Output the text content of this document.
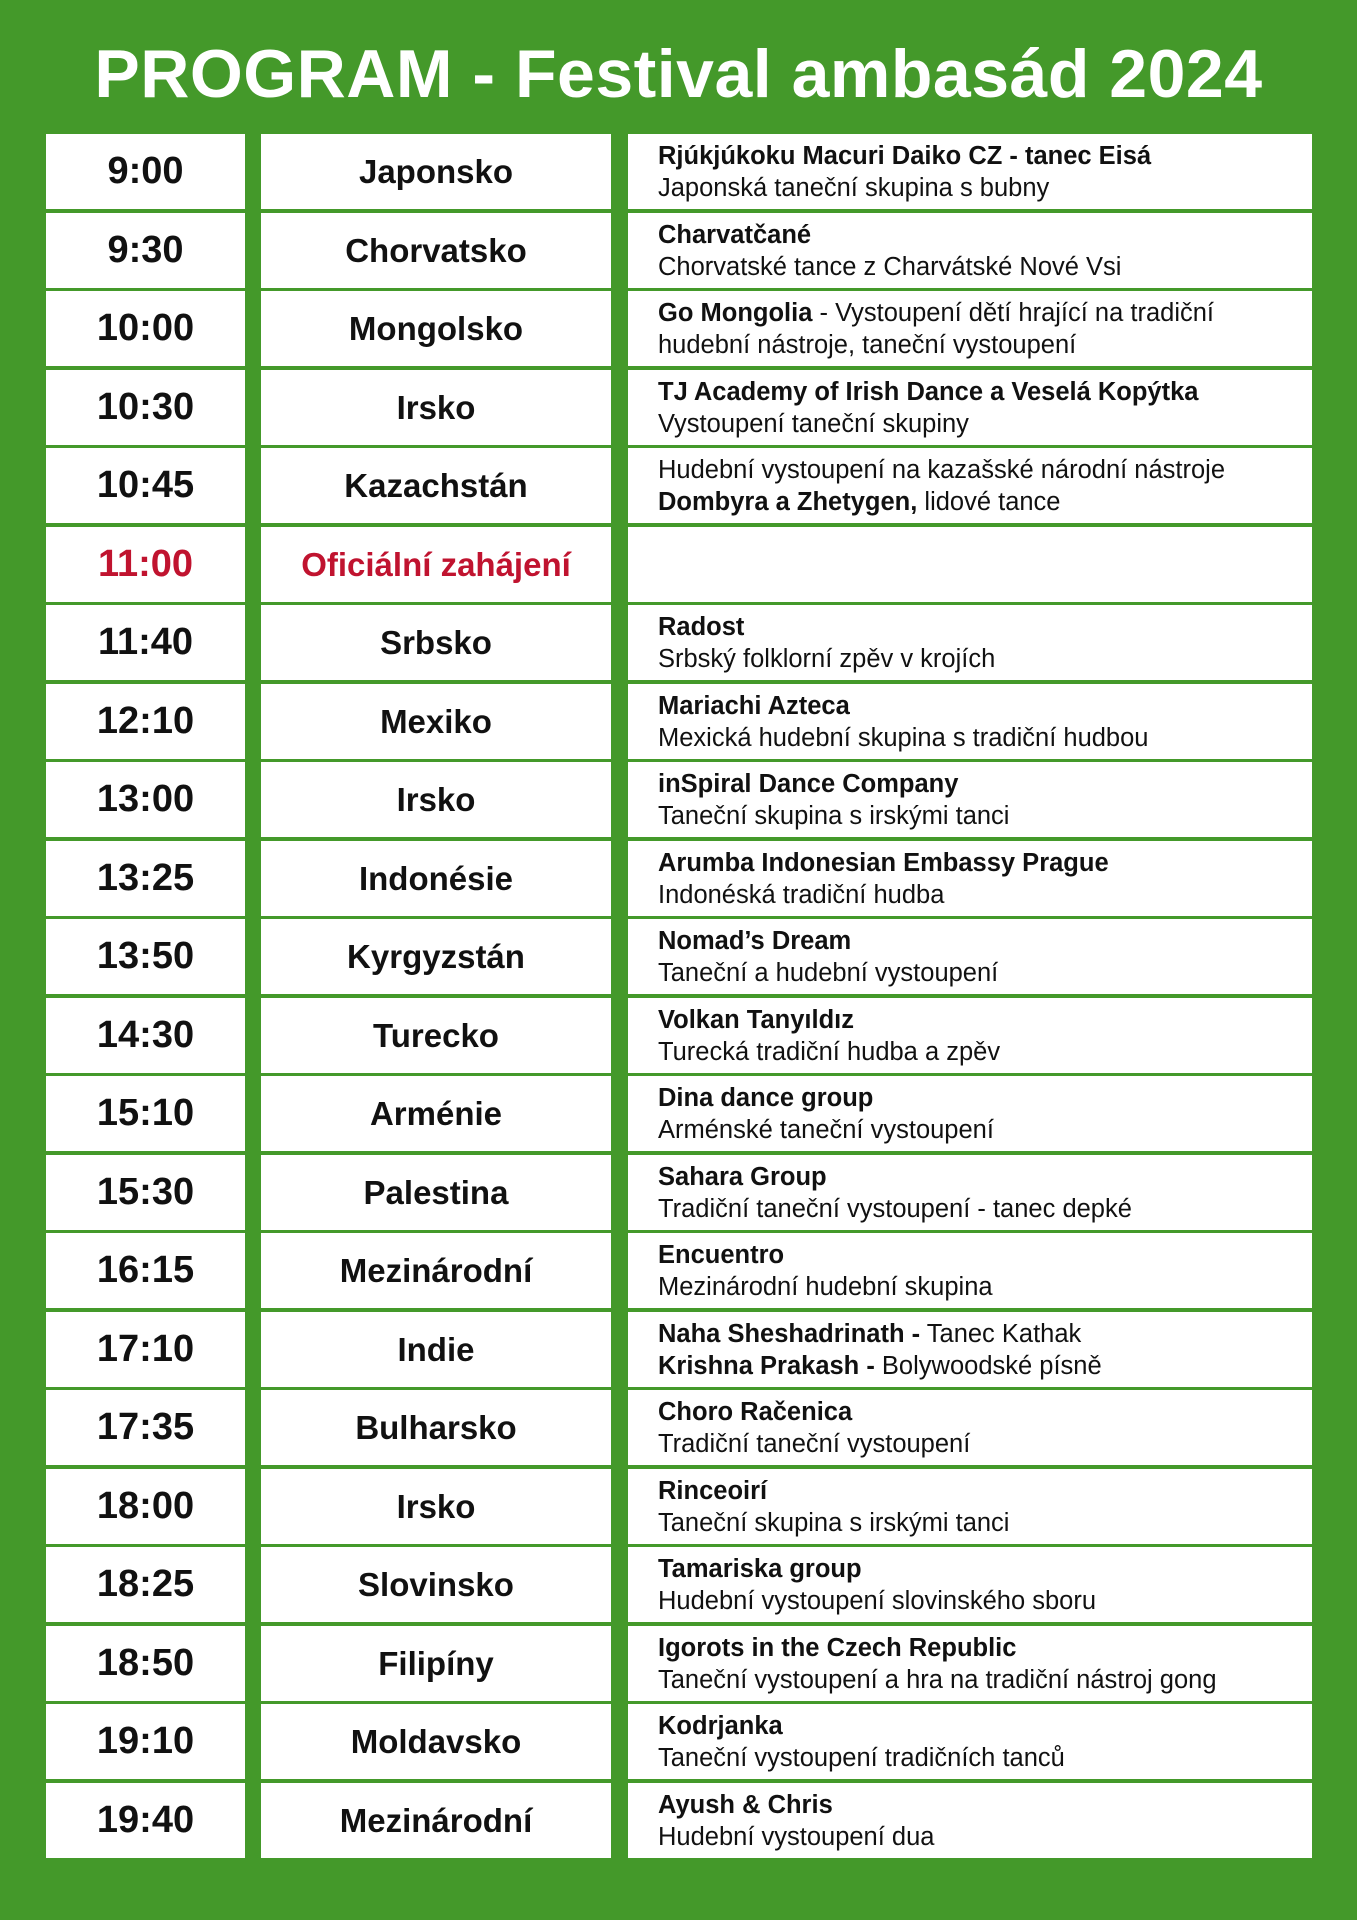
PROGRAM - Festival ambasád 2024
9:00
9:30
10:00
10:30
10:45
11:00
11:40
12:10
13:00
13:25
13:50
14:30
15:10
15:30
16:15
17:10
17:35
18:00
18:25
18:50
19:10
19:40
Japonsko
Chorvatsko
Mongolsko
Irsko
Kazachstán
Oficiální zahájení
Srbsko
Mexiko
Irsko
Indonésie
Kyrgyzstán
Turecko
Arménie
Palestina
Mezinárodní
Indie
Bulharsko
Irsko
Slovinsko
Filipíny
Moldavsko
Mezinárodní
Rjúkjúkoku Macuri Daiko CZ - tanec Eisá
Japonská taneční skupina s bubny
Charvatčané
Chorvatské tance z Charvátské Nové Vsi
Go Mongolia - Vystoupení dětí hrající na tradiční
hudební nástroje, taneční vystoupení
TJ Academy of Irish Dance a Veselá Kopýtka
Vystoupení taneční skupiny
Hudební vystoupení na kazašské národní nástroje
Dombyra a Zhetygen, lidové tance
Radost
Srbský folklorní zpěv v krojích
Mariachi Azteca
Mexická hudební skupina s tradiční hudbou
inSpiral Dance Company
Taneční skupina s irskými tanci
Arumba Indonesian Embassy Prague
Indonéská tradiční hudba
Nomad’s Dream
Taneční a hudební vystoupení
Volkan Tanyıldız
Turecká tradiční hudba a zpěv
Dina dance group
Arménské taneční vystoupení
Sahara Group
Tradiční taneční vystoupení - tanec depké
Encuentro
Mezinárodní hudební skupina
Naha Sheshadrinath - Tanec Kathak
Krishna Prakash - Bolywoodské písně
Choro Račenica
Tradiční taneční vystoupení
Rinceoirí
Taneční skupina s irskými tanci
Tamariska group
Hudební vystoupení slovinského sboru
Igorots in the Czech Republic
Taneční vystoupení a hra na tradiční nástroj gong
Kodrjanka
Taneční vystoupení tradičních tanců
Ayush & Chris
Hudební vystoupení dua
